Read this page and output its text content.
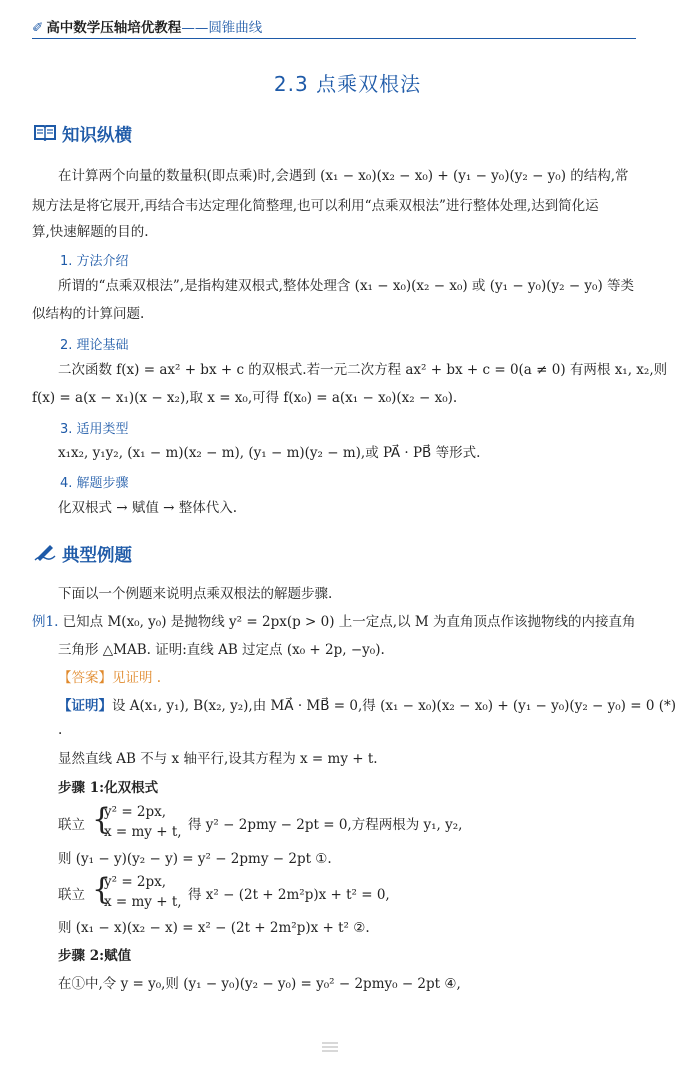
✐ 高中数学压轴培优教程——圆锥曲线
2.3 点乘双根法
知识纵横
在计算两个向量的数量积(即点乘)时,会遇到 (x₁ − x₀)(x₂ − x₀) + (y₁ − y₀)(y₂ − y₀) 的结构,常
规方法是将它展开,再结合韦达定理化简整理,也可以利用“点乘双根法”进行整体处理,达到简化运
算,快速解题的目的.
1. 方法介绍
所谓的“点乘双根法”,是指构建双根式,整体处理含 (x₁ − x₀)(x₂ − x₀) 或 (y₁ − y₀)(y₂ − y₀) 等类
似结构的计算问题.
2. 理论基础
二次函数 f(x) = ax² + bx + c 的双根式.若一元二次方程 ax² + bx + c = 0(a ≠ 0) 有两根 x₁, x₂,则
f(x) = a(x − x₁)(x − x₂),取 x = x₀,可得 f(x₀) = a(x₁ − x₀)(x₂ − x₀).
3. 适用类型
x₁x₂, y₁y₂, (x₁ − m)(x₂ − m), (y₁ − m)(y₂ − m),或 PA⃗ · PB⃗ 等形式.
4. 解题步骤
化双根式 → 赋值 → 整体代入.
典型例题
下面以一个例题来说明点乘双根法的解题步骤.
例1. 已知点 M(x₀, y₀) 是抛物线 y² = 2px(p > 0) 上一定点,以 M 为直角顶点作该抛物线的内接直角
三角形 △MAB. 证明:直线 AB 过定点 (x₀ + 2p, −y₀).
【答案】见证明 .
【证明】设 A(x₁, y₁), B(x₂, y₂),由 MA⃗ · MB⃗ = 0,得 (x₁ − x₀)(x₂ − x₀) + (y₁ − y₀)(y₂ − y₀) = 0 (*)
.
显然直线 AB 不与 x 轴平行,设其方程为 x = my + t.
步骤 1:化双根式
联立 {
y² = 2px,
x = my + t, 得 y² − 2pmy − 2pt = 0,方程两根为 y₁, y₂,
则 (y₁ − y)(y₂ − y) = y² − 2pmy − 2pt ①.
联立 {
y² = 2px,
x = my + t, 得 x² − (2t + 2m²p)x + t² = 0,
则 (x₁ − x)(x₂ − x) = x² − (2t + 2m²p)x + t² ②.
步骤 2:赋值
在①中,令 y = y₀,则 (y₁ − y₀)(y₂ − y₀) = y₀² − 2pmy₀ − 2pt ④,
